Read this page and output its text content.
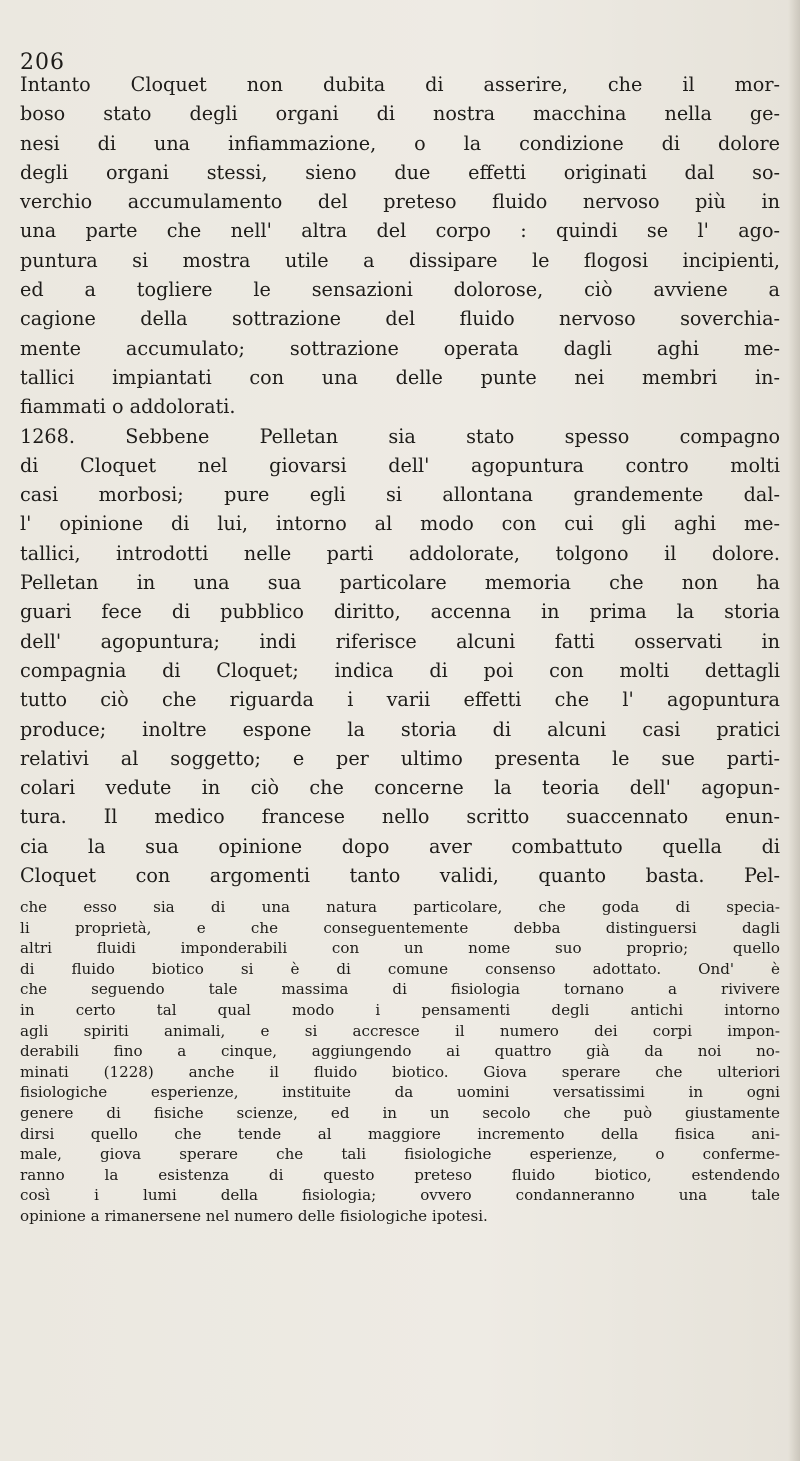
206
Intanto Cloquet non dubita di asserire, che il mor-
boso stato degli organi di nostra macchina nella ge-
nesi di una infiammazione, o la condizione di dolore
degli organi stessi, sieno due effetti originati dal so-
verchio accumulamento del preteso fluido nervoso più in
una parte che nell' altra del corpo : quindi se l' ago-
puntura si mostra utile a dissipare le flogosi incipienti,
ed a togliere le sensazioni dolorose, ciò avviene a
cagione della sottrazione del fluido nervoso soverchia-
mente accumulato; sottrazione operata dagli aghi me-
tallici impiantati con una delle punte nei membri in-
fiammati o addolorati.
1268. Sebbene Pelletan sia stato spesso compagno
di Cloquet nel giovarsi dell' agopuntura contro molti
casi morbosi; pure egli si allontana grandemente dal-
l' opinione di lui, intorno al modo con cui gli aghi me-
tallici, introdotti nelle parti addolorate, tolgono il dolore.
Pelletan in una sua particolare memoria che non ha
guari fece di pubblico diritto, accenna in prima la storia
dell' agopuntura; indi riferisce alcuni fatti osservati in
compagnia di Cloquet; indica di poi con molti dettagli
tutto ciò che riguarda i varii effetti che l' agopuntura
produce; inoltre espone la storia di alcuni casi pratici
relativi al soggetto; e per ultimo presenta le sue parti-
colari vedute in ciò che concerne la teoria dell' agopun-
tura. Il medico francese nello scritto suaccennato enun-
cia la sua opinione dopo aver combattuto quella di
Cloquet con argomenti tanto validi, quanto basta. Pel-
che esso sia di una natura particolare, che goda di specia-
li proprietà, e che conseguentemente debba distinguersi dagli
altri fluidi imponderabili con un nome suo proprio; quello
di fluido biotico si è di comune consenso adottato. Ond' è
che seguendo tale massima di fisiologia tornano a rivivere
in certo tal qual modo i pensamenti degli antichi intorno
agli spiriti animali, e si accresce il numero dei corpi impon-
derabili fino a cinque, aggiungendo ai quattro già da noi no-
minati (1228) anche il fluido biotico. Giova sperare che ulteriori
fisiologiche esperienze, instituite da uomini versatissimi in ogni
genere di fisiche scienze, ed in un secolo che può giustamente
dirsi quello che tende al maggiore incremento della fisica ani-
male, giova sperare che tali fisiologiche esperienze, o conferme-
ranno la esistenza di questo preteso fluido biotico, estendendo
così i lumi della fisiologia; ovvero condanneranno una tale
opinione a rimanersene nel numero delle fisiologiche ipotesi.
